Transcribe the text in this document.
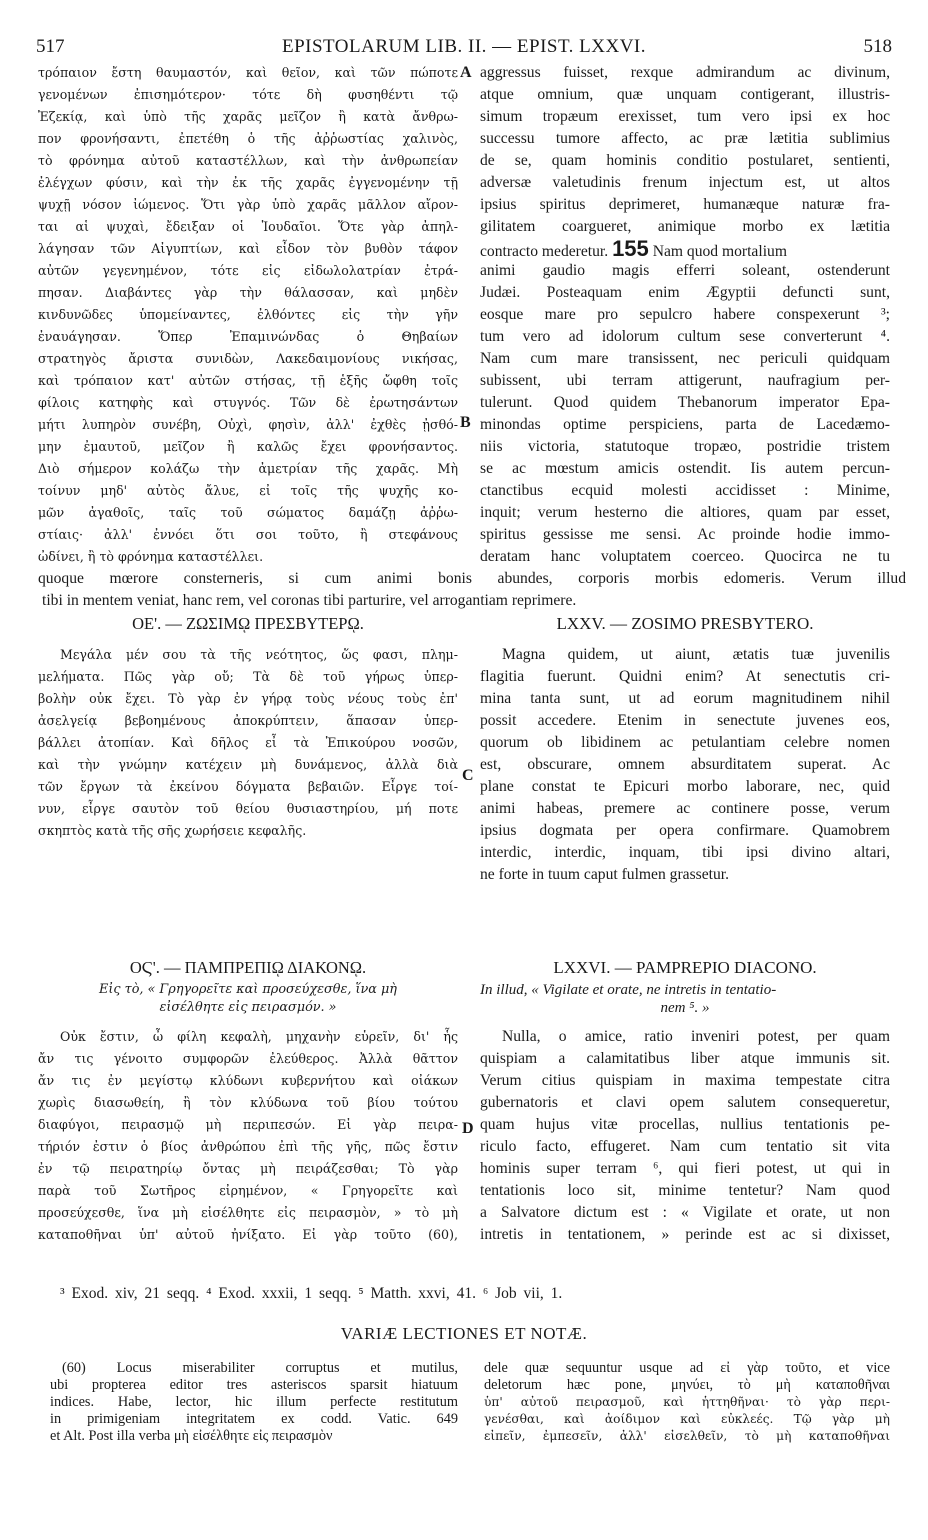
517	EPISTOLARUM LIB. II. — EPIST. LXXVI.	518
τρόπαιον ἔστη θαυμαστόν, καὶ θεῖον, καὶ τῶν πώποτε
γενομένων ἐπισημότερον· τότε δὴ φυσηθέντι τῷ
Ἐζεκίᾳ, καὶ ὑπὸ τῆς χαρᾶς μεῖζον ἢ κατὰ ἄνθρω-
πον φρονήσαντι, ἐπετέθη ὁ τῆς ἀῤῥωστίας χαλινὸς,
τὸ φρόνημα αὐτοῦ καταστέλλων, καὶ τὴν ἀνθρωπείαν
ἐλέγχων φύσιν, καὶ τὴν ἐκ τῆς χαρᾶς ἐγγενομένην τῇ
ψυχῇ νόσον ἰώμενος. Ὅτι γὰρ ὑπὸ χαρᾶς μᾶλλον αἴρον-
ται αἱ ψυχαὶ, ἔδειξαν οἱ Ἰουδαῖοι. Ὅτε γὰρ ἀπηλ-
λάγησαν τῶν Αἰγυπτίων, καὶ εἶδον τὸν βυθὸν τάφον
αὐτῶν γεγενημένον, τότε εἰς εἰδωλολατρίαν ἐτρά-
πησαν. Διαβάντες γὰρ τὴν θάλασσαν, καὶ μηδὲν
κινδυνῶδες ὑπομείναντες, ἐλθόντες εἰς τὴν γῆν
ἐναυάγησαν. Ὅπερ Ἐπαμινώνδας ὁ Θηβαίων
στρατηγὸς ἄριστα συνιδὼν, Λακεδαιμονίους νικήσας,
καὶ τρόπαιον κατ' αὐτῶν στήσας, τῇ ἑξῆς ὤφθη τοῖς
φίλοις κατηφὴς καὶ στυγνός. Τῶν δὲ ἐρωτησάντων
μήτι λυπηρὸν συνέβη, Οὐχὶ, φησὶν, ἀλλ' ἐχθὲς ᾐσθό-
μην ἐμαυτοῦ, μεῖζον ἢ καλῶς ἔχει φρονήσαντος.
Διὸ σήμερον κολάζω τὴν ἀμετρίαν τῆς χαρᾶς. Μὴ
τοίνυν μηδ' αὐτὸς ἄλυε, εἰ τοῖς τῆς ψυχῆς κο-
μῶν ἀγαθοῖς, ταῖς τοῦ σώματος δαμάζῃ ἀῤῥω-
στίαις· ἀλλ' ἐννόει ὅτι σοι τοῦτο, ἢ στεφάνους
ὠδίνει, ἢ τὸ φρόνημα καταστέλλει.
A
B
C
D
aggressus fuisset, rexque admirandum ac divinum,
atque omnium, quæ unquam contigerant, illustris-
simum tropæum erexisset, tum vero ipsi ex hoc
successu tumore affecto, ac præ lætitia sublimius
de se, quam hominis conditio postularet, sentienti,
adversæ valetudinis frenum injectum est, ut altos
ipsius spiritus deprimeret, humanæque naturæ fra-
gilitatem coargueret, animique morbo ex lætitia
contracto mederetur. 155 Nam quod mortalium
animi gaudio magis efferri soleant, ostenderunt
Judæi. Posteaquam enim Ægyptii defuncti sunt,
eosque mare pro sepulcro habere conspexerunt ³;
tum vero ad idolorum cultum sese converterunt ⁴.
Nam cum mare transissent, nec periculi quidquam
subissent, ubi terram attigerunt, naufragium per-
tulerunt. Quod quidem Thebanorum imperator Epa-
minondas optime perspiciens, parta de Lacedæmo-
niis victoria, statutoque tropæo, postridie tristem
se ac mœstum amicis ostendit. Iis autem percun-
ctanctibus ecquid molesti accidisset : Minime,
inquit; verum hesterno die altiores, quam par esset,
spiritus gessisse me sensi. Ac proinde hodie immo-
deratam hanc voluptatem coerceo. Quocirca ne tu
quoque mœrore consterneris, si cum animi bonis abundes, corporis morbis edomeris. Verum illud
tibi in mentem veniat, hanc rem, vel coronas tibi parturire, vel arrogantiam reprimere.
ΟΕ'. — ΖΩΣΙΜῼ ΠΡΕΣΒΥΤΕΡῼ.	LXXV. — ZOSIMO PRESBYTERO.
Μεγάλα μέν σου τὰ τῆς νεότητος, ὥς φασι, πλημ-
μελήματα. Πῶς γὰρ οὔ; Τὰ δὲ τοῦ γήρως ὑπερ-
βολὴν οὐκ ἔχει. Τὸ γὰρ ἐν γήρᾳ τοὺς νέους τοὺς ἐπ'
ἀσελγείᾳ βεβοημένους ἀποκρύπτειν, ἅπασαν ὑπερ-
βάλλει ἀτοπίαν. Καὶ δῆλος εἶ τὰ Ἐπικούρου νοσῶν,
καὶ τὴν γνώμην κατέχειν μὴ δυνάμενος, ἀλλὰ διὰ
τῶν ἔργων τὰ ἐκείνου δόγματα βεβαιῶν. Εἶργε τοί-
νυν, εἶργε σαυτὸν τοῦ θείου θυσιαστηρίου, μή ποτε
σκηπτὸς κατὰ τῆς σῆς χωρήσειε κεφαλῆς.
Magna quidem, ut aiunt, ætatis tuæ juvenilis
flagitia fuerunt. Quidni enim? At senectutis cri-
mina tanta sunt, ut ad eorum magnitudinem nihil
possit accedere. Etenim in senectute juvenes eos,
quorum ob libidinem ac petulantiam celebre nomen
est, obscurare, omnem absurditatem superat. Ac
plane constat te Epicuri morbo laborare, nec, quid
animi habeas, premere ac continere posse, verum
ipsius dogmata per opera confirmare. Quamobrem
interdic, interdic, inquam, tibi ipsi divino altari,
ne forte in tuum caput fulmen grassetur.
ΟϚ'. — ΠΑΜΠΡΕΠΙῼ ΔΙΑΚΟΝῼ.	LXXVI. — PAMPREPIO DIACONO.
Εἰς τὸ, « Γρηγορεῖτε καὶ προσεύχεσθε, ἵνα μὴ
εἰσέλθητε εἰς πειρασμόν. »
In illud, « Vigilate et orate, ne intretis in tentatio-
nem ⁵. »
Οὐκ ἔστιν, ὦ φίλη κεφαλὴ, μηχανὴν εὑρεῖν, δι' ἧς
ἄν τις γένοιτο συμφορῶν ἐλεύθερος. Ἀλλὰ θᾶττον
ἄν τις ἐν μεγίστῳ κλύδωνι κυβερνήτου καὶ οἰάκων
χωρὶς διασωθείη, ἢ τὸν κλύδωνα τοῦ βίου τούτου
διαφύγοι, πειρασμῷ μὴ περιπεσών. Εἰ γὰρ πειρα-
τήριόν ἐστιν ὁ βίος ἀνθρώπου ἐπὶ τῆς γῆς, πῶς ἔστιν
ἐν τῷ πειρατηρίῳ ὄντας μὴ πειράζεσθαι; Τὸ γὰρ
παρὰ τοῦ Σωτῆρος εἰρημένον, « Γρηγορεῖτε καὶ
προσεύχεσθε, ἵνα μὴ εἰσέλθητε εἰς πειρασμὸν, » τὸ μὴ
καταποθῆναι ὑπ' αὐτοῦ ἠνίξατο. Εἰ γὰρ τοῦτο (60),
Nulla, o amice, ratio inveniri potest, per quam
quispiam a calamitatibus liber atque immunis sit.
Verum citius quispiam in maxima tempestate citra
gubernatoris et clavi opem salutem consequeretur,
quam hujus vitæ procellas, nullius tentationis pe-
riculo facto, effugeret. Nam cum tentatio sit vita
hominis super terram ⁶, qui fieri potest, ut qui in
tentationis loco sit, minime tentetur? Nam quod
a Salvatore dictum est : « Vigilate et orate, ut non
intretis in tentationem, » perinde est ac si dixisset,
³ Exod. xiv, 21 seqq. ⁴ Exod. xxxii, 1 seqq. ⁵ Matth. xxvi, 41. ⁶ Job vii, 1.
VARIÆ LECTIONES ET NOTÆ.
(60) Locus miserabiliter corruptus et mutilus,
ubi propterea editor tres asteriscos sparsit hiatuum
indices. Habe, lector, hic illum perfecte restitutum
in primigeniam integritatem ex codd. Vatic. 649
et Alt. Post illa verba μὴ εἰσέλθητε εἰς πειρασμὸν
dele quæ sequuntur usque ad εἰ γὰρ τοῦτο, et vice
deletorum hæc pone, μηνύει, τὸ μὴ καταποθῆναι
ὑπ' αὐτοῦ πειρασμοῦ, καὶ ἡττηθῆναι· τὸ γὰρ περι-
γενέσθαι, καὶ ἀοίδιμον καὶ εὐκλεές. Τῷ γὰρ μὴ
εἰπεῖν, ἐμπεσεῖν, ἀλλ' εἰσελθεῖν, τὸ μὴ καταποθῆναι
